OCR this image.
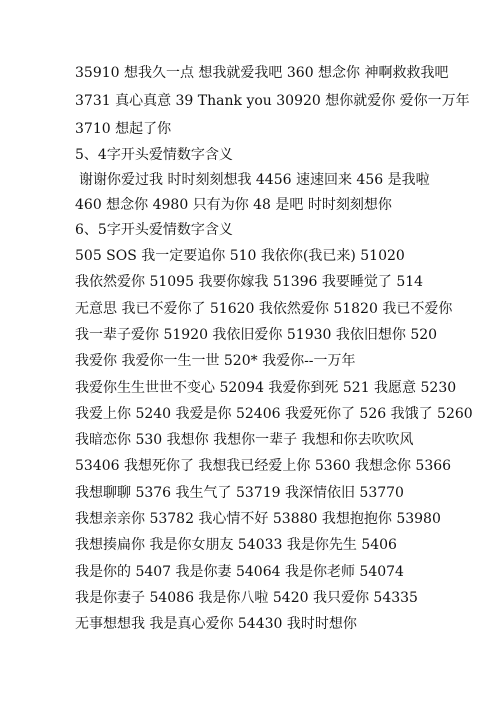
35910 想我久一点 想我就爱我吧 360 想念你 神啊救救我吧
3731 真心真意 39 Thank you 30920 想你就爱你 爱你一万年
3710 想起了你
5、4字开头爱情数字含义
谢谢你爱过我 时时刻刻想我 4456 速速回来 456 是我啦
460 想念你 4980 只有为你 48 是吧 时时刻刻想你
6、5字开头爱情数字含义
505 SOS 我一定要追你 510 我依你(我已来) 51020
我依然爱你 51095 我要你嫁我 51396 我要睡觉了 514
无意思 我已不爱你了 51620 我依然爱你 51820 我已不爱你
我一辈子爱你 51920 我依旧爱你 51930 我依旧想你 520
我爱你 我爱你一生一世 520* 我爱你--一万年
我爱你生生世世不变心 52094 我爱你到死 521 我愿意 5230
我爱上你 5240 我爱是你 52406 我爱死你了 526 我饿了 5260
我暗恋你 530 我想你 我想你一辈子 我想和你去吹吹风
53406 我想死你了 我想我已经爱上你 5360 我想念你 5366
我想聊聊 5376 我生气了 53719 我深情依旧 53770
我想亲亲你 53782 我心情不好 53880 我想抱抱你 53980
我想揍扁你 我是你女朋友 54033 我是你先生 5406
我是你的 5407 我是你妻 54064 我是你老师 54074
我是你妻子 54086 我是你八啦 5420 我只爱你 54335
无事想想我 我是真心爱你 54430 我时时想你
